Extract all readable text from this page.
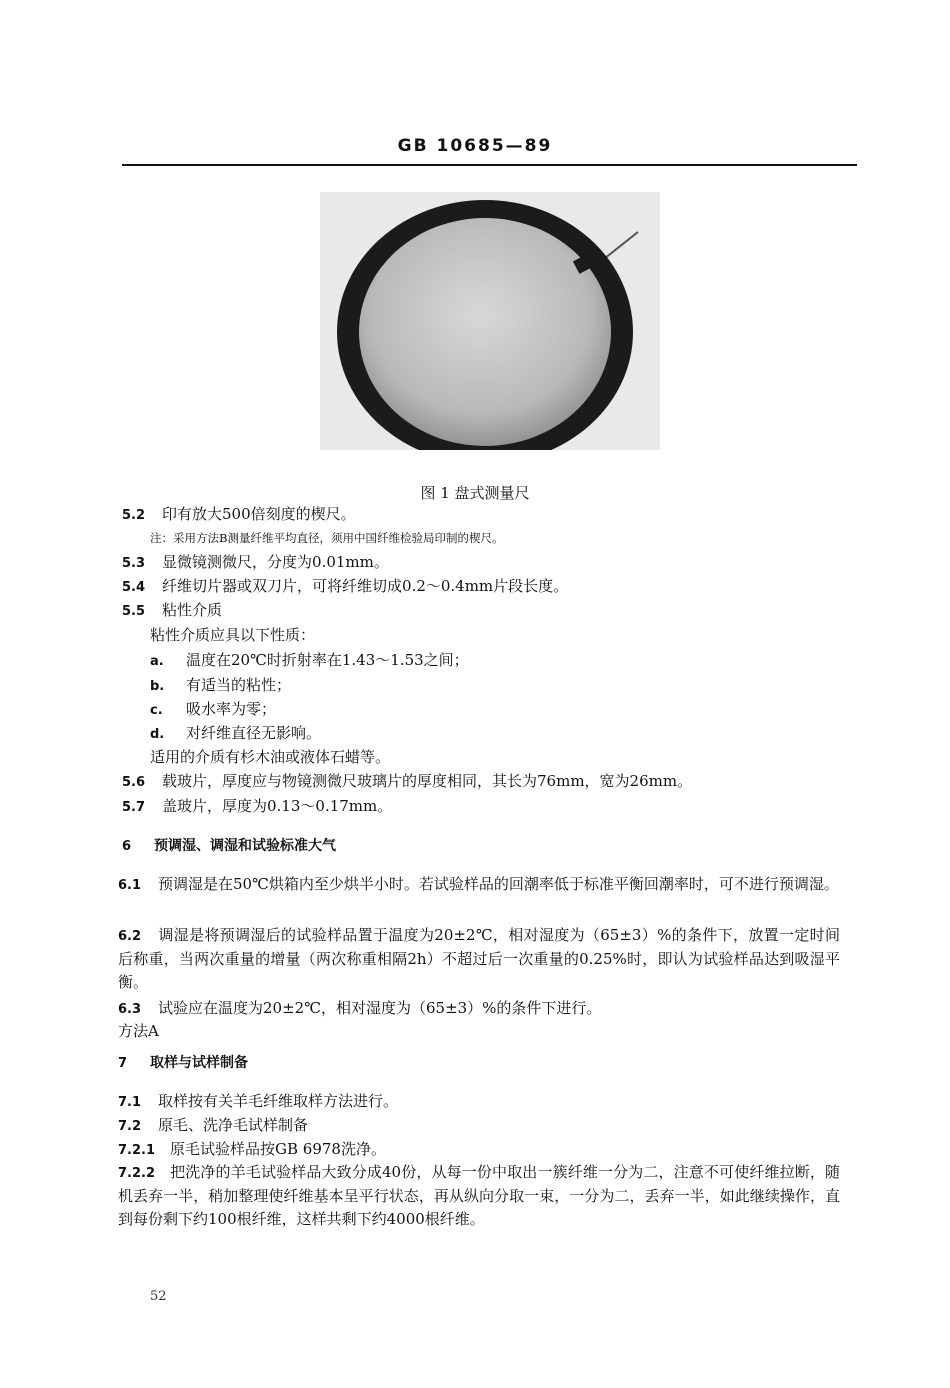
GB 10685—89
图 1 盘式测量尺
5.2 印有放大500倍刻度的楔尺。
注：采用方法B测量纤维平均直径，须用中国纤维检验局印制的楔尺。
5.3 显微镜测微尺，分度为0.01mm。
5.4 纤维切片器或双刀片，可将纤维切成0.2～0.4mm片段长度。
5.5 粘性介质
粘性介质应具以下性质：
a. 温度在20℃时折射率在1.43～1.53之间；
b. 有适当的粘性；
c. 吸水率为零；
d. 对纤维直径无影响。
适用的介质有杉木油或液体石蜡等。
5.6 载玻片，厚度应与物镜测微尺玻璃片的厚度相同，其长为76mm，宽为26mm。
5.7 盖玻片，厚度为0.13～0.17mm。
6 预调湿、调湿和试验标准大气
6.1 预调湿是在50℃烘箱内至少烘半小时。若试验样品的回潮率低于标准平衡回潮率时，可不进行预调湿。
6.2 调湿是将预调湿后的试验样品置于温度为20±2℃，相对湿度为（65±3）%的条件下，放置一定时间后称重，当两次重量的增量（两次称重相隔2h）不超过后一次重量的0.25%时，即认为试验样品达到吸湿平衡。
6.3 试验应在温度为20±2℃，相对湿度为（65±3）%的条件下进行。
方法A
7 取样与试样制备
7.1 取样按有关羊毛纤维取样方法进行。
7.2 原毛、洗净毛试样制备
7.2.1 原毛试验样品按GB 6978洗净。
7.2.2 把洗净的羊毛试验样品大致分成40份，从每一份中取出一簇纤维一分为二，注意不可使纤维拉断，随机丢弃一半，稍加整理使纤维基本呈平行状态，再从纵向分取一束，一分为二，丢弃一半，如此继续操作，直到每份剩下约100根纤维，这样共剩下约4000根纤维。
52
